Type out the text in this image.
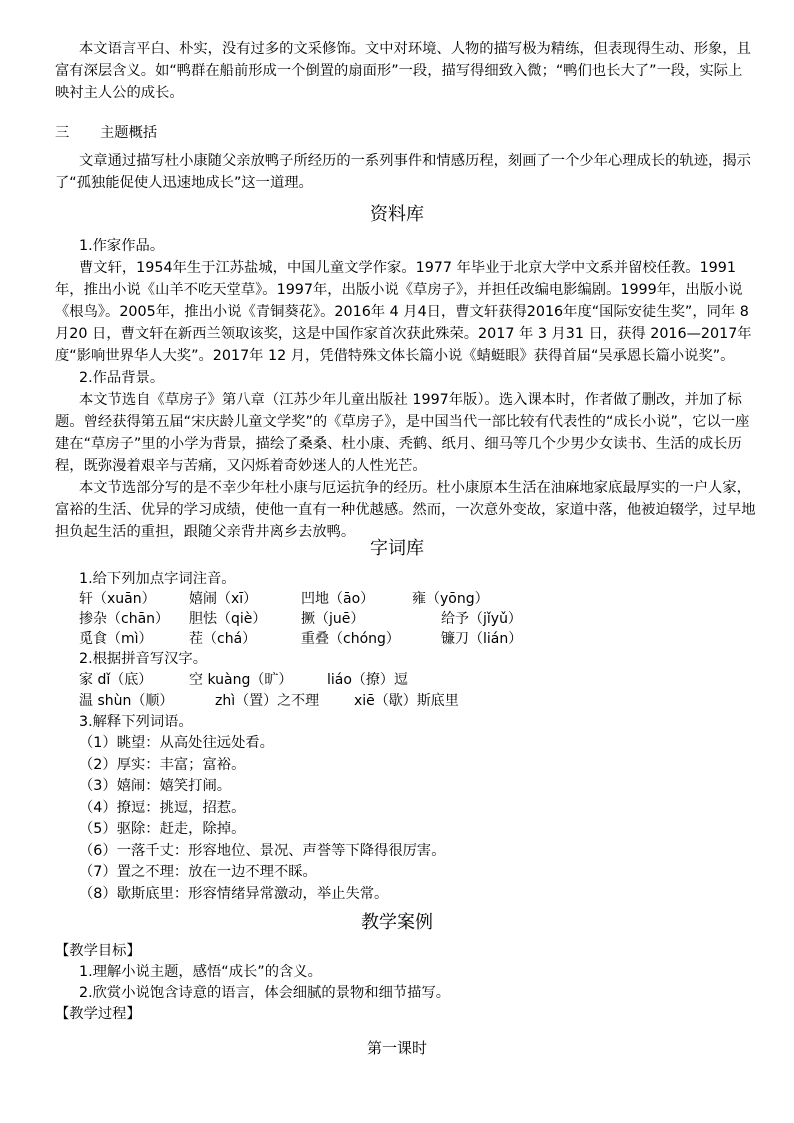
本文语言平白、朴实，没有过多的文采修饰。文中对环境、人物的描写极为精练，但表现得生动、形象，且富有深层含义。如“鸭群在船前形成一个倒置的扇面形”一段，描写得细致入微；“鸭们也长大了”一段，实际上映衬主人公的成长。

三 主题概括

文章通过描写杜小康随父亲放鸭子所经历的一系列事件和情感历程，刻画了一个少年心理成长的轨迹，揭示了“孤独能促使人迅速地成长”这一道理。

资料库

1.作家作品。

曹文轩，1954年生于江苏盐城，中国儿童文学作家。1977 年毕业于北京大学中文系并留校任教。1991年，推出小说《山羊不吃天堂草》。1997年，出版小说《草房子》，并担任改编电影编剧。1999年，出版小说《根鸟》。2005年，推出小说《青铜葵花》。2016年 4 月4日，曹文轩获得2016年度“国际安徒生奖”，同年 8 月20 日，曹文轩在新西兰领取该奖，这是中国作家首次获此殊荣。2017 年 3 月31 日，获得 2016—2017年度“影响世界华人大奖”。2017年 12 月，凭借特殊文体长篇小说《蜻蜓眼》获得首届“吴承恩长篇小说奖”。

2.作品背景。

本文节选自《草房子》第八章（江苏少年儿童出版社 1997年版）。选入课本时，作者做了删改，并加了标题。曾经获得第五届“宋庆龄儿童文学奖”的《草房子》，是中国当代一部比较有代表性的“成长小说”，它以一座建在“草房子”里的小学为背景，描绘了桑桑、杜小康、秃鹤、纸月、细马等几个少男少女读书、生活的成长历程，既弥漫着艰辛与苦痛，又闪烁着奇妙迷人的人性光芒。

本文节选部分写的是不幸少年杜小康与厄运抗争的经历。杜小康原本生活在油麻地家底最厚实的一户人家，富裕的生活、优异的学习成绩，使他一直有一种优越感。然而，一次意外变故，家道中落，他被迫辍学，过早地担负起生活的重担，跟随父亲背井离乡去放鸭。

字词库

1.给下列加点字词注音。

轩（xuān） 嬉闹（xī）	凹地（āo）	雍（yōng）
掺杂（chān） 胆怯（qiè） 撅（juē）	给予（jǐyǔ）
觅食（mì）	茬（chá）	重叠（chóng）	镰刀（lián）

2.根据拼音写汉字。

家 dǐ（底）	空 kuàng（旷） liáo（撩）逗
温 shùn（顺）	zhì（置）之不理 xiē（歇）斯底里

3.解释下列词语。

（1）眺望：从高处往远处看。

（2）厚实：丰富；富裕。

（3）嬉闹：嬉笑打闹。

（4）撩逗：挑逗，招惹。

（5）驱除：赶走，除掉。

（6）一落千丈：形容地位、景况、声誉等下降得很厉害。

（7）置之不理：放在一边不理不睬。

（8）歇斯底里：形容情绪异常激动，举止失常。

教学案例

【教学目标】

1.理解小说主题，感悟“成长”的含义。

2.欣赏小说饱含诗意的语言，体会细腻的景物和细节描写。

【教学过程】

第一课时
